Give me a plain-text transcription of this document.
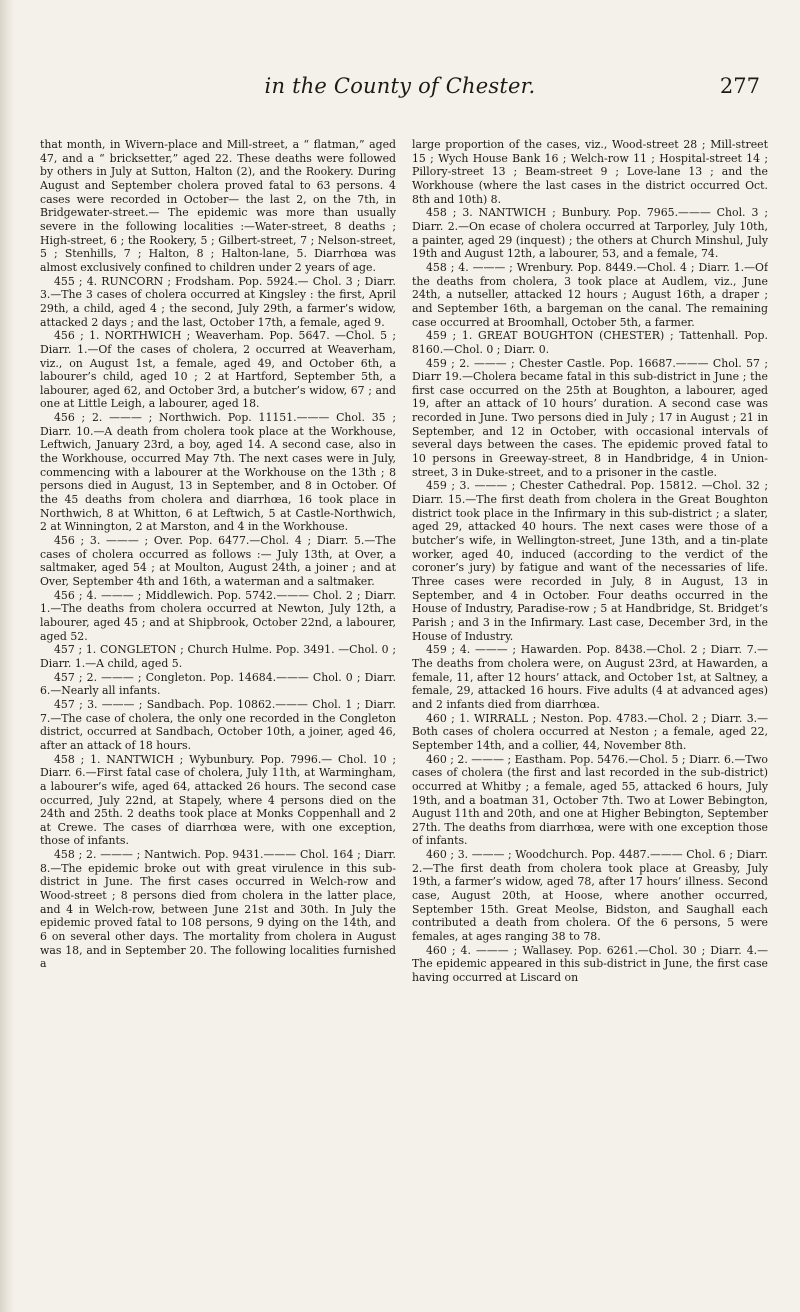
in the County of Chester.	277

that month, in Wivern-place and Mill-street, a “ flatman,” aged 47, and a “ bricksetter,” aged 22. These deaths were followed by others in July at Sutton, Halton (2), and the Rookery. During August and September cholera proved fatal to 63 persons. 4 cases were recorded in October— the last 2, on the 7th, in Bridgewater-street.— The epidemic was more than usually severe in the following localities :—Water-street, 8 deaths ; High-street, 6 ; the Rookery, 5 ; Gilbert-street, 7 ; Nelson-street, 5 ; Stenhills, 7 ; Halton, 8 ; Halton-lane, 5. Diarrhœa was almost exclusively confined to children under 2 years of age.

455 ; 4. RUNCORN ; Frodsham. Pop. 5924.— Chol. 3 ; Diarr. 3.—The 3 cases of cholera occurred at Kingsley : the first, April 29th, a child, aged 4 ; the second, July 29th, a farmer’s widow, attacked 2 days ; and the last, October 17th, a female, aged 9.

456 ; 1. NORTHWICH ; Weaverham. Pop. 5647. —Chol. 5 ; Diarr. 1.—Of the cases of cholera, 2 occurred at Weaverham, viz., on August 1st, a female, aged 49, and October 6th, a labourer’s child, aged 10 ; 2 at Hartford, September 5th, a labourer, aged 62, and October 3rd, a butcher’s widow, 67 ; and one at Little Leigh, a labourer, aged 18.

456 ; 2. ——— ; Northwich. Pop. 11151.——— Chol. 35 ; Diarr. 10.—A death from cholera took place at the Workhouse, Leftwich, January 23rd, a boy, aged 14. A second case, also in the Workhouse, occurred May 7th. The next cases were in July, commencing with a labourer at the Workhouse on the 13th ; 8 persons died in August, 13 in September, and 8 in October. Of the 45 deaths from cholera and diarrhœa, 16 took place in Northwich, 8 at Whitton, 6 at Leftwich, 5 at Castle-Northwich, 2 at Winnington, 2 at Marston, and 4 in the Workhouse.

456 ; 3. ——— ; Over. Pop. 6477.—Chol. 4 ; Diarr. 5.—The cases of cholera occurred as follows :— July 13th, at Over, a saltmaker, aged 54 ; at Moulton, August 24th, a joiner ; and at Over, September 4th and 16th, a waterman and a saltmaker.

456 ; 4. ——— ; Middlewich. Pop. 5742.——— Chol. 2 ; Diarr. 1.—The deaths from cholera occurred at Newton, July 12th, a labourer, aged 45 ; and at Shipbrook, October 22nd, a labourer, aged 52.

457 ; 1. CONGLETON ; Church Hulme. Pop. 3491. —Chol. 0 ; Diarr. 1.—A child, aged 5.

457 ; 2. ——— ; Congleton. Pop. 14684.——— Chol. 0 ; Diarr. 6.—Nearly all infants.

457 ; 3. ——— ; Sandbach. Pop. 10862.——— Chol. 1 ; Diarr. 7.—The case of cholera, the only one recorded in the Congleton district, occurred at Sandbach, October 10th, a joiner, aged 46, after an attack of 18 hours.

458 ; 1. NANTWICH ; Wybunbury. Pop. 7996.— Chol. 10 ; Diarr. 6.—First fatal case of cholera, July 11th, at Warmingham, a labourer’s wife, aged 64, attacked 26 hours. The second case occurred, July 22nd, at Stapely, where 4 persons died on the 24th and 25th. 2 deaths took place at Monks Coppenhall and 2 at Crewe. The cases of diarrhœa were, with one exception, those of infants.

458 ; 2. ——— ; Nantwich. Pop. 9431.——— Chol. 164 ; Diarr. 8.—The epidemic broke out with great virulence in this sub-district in June. The first cases occurred in Welch-row and Wood-street ; 8 persons died from cholera in the latter place, and 4 in Welch-row, between June 21st and 30th. In July the epidemic proved fatal to 108 persons, 9 dying on the 14th, and 6 on several other days. The mortality from cholera in August was 18, and in September 20. The following localities furnished a

large proportion of the cases, viz., Wood-street 28 ; Mill-street 15 ; Wych House Bank 16 ; Welch-row 11 ; Hospital-street 14 ; Pillory-street 13 ; Beam-street 9 ; Love-lane 13 ; and the Workhouse (where the last cases in the district occurred Oct. 8th and 10th) 8.

458 ; 3. NANTWICH ; Bunbury. Pop. 7965.——— Chol. 3 ; Diarr. 2.—On ecase of cholera occurred at Tarporley, July 10th, a painter, aged 29 (inquest) ; the others at Church Minshul, July 19th and August 12th, a labourer, 53, and a female, 74.

458 ; 4. ——— ; Wrenbury. Pop. 8449.—Chol. 4 ; Diarr. 1.—Of the deaths from cholera, 3 took place at Audlem, viz., June 24th, a nutseller, attacked 12 hours ; August 16th, a draper ; and September 16th, a bargeman on the canal. The remaining case occurred at Broomhall, October 5th, a farmer.

459 ; 1. GREAT BOUGHTON (CHESTER) ; Tattenhall. Pop. 8160.—Chol. 0 ; Diarr. 0.

459 ; 2. ——— ; Chester Castle. Pop. 16687.——— Chol. 57 ; Diarr 19.—Cholera became fatal in this sub-district in June ; the first case occurred on the 25th at Boughton, a labourer, aged 19, after an attack of 10 hours’ duration. A second case was recorded in June. Two persons died in July ; 17 in August ; 21 in September, and 12 in October, with occasional intervals of several days between the cases. The epidemic proved fatal to 10 persons in Greeway-street, 8 in Handbridge, 4 in Union-street, 3 in Duke-street, and to a prisoner in the castle.

459 ; 3. ——— ; Chester Cathedral. Pop. 15812. —Chol. 32 ; Diarr. 15.—The first death from cholera in the Great Boughton district took place in the Infirmary in this sub-district ; a slater, aged 29, attacked 40 hours. The next cases were those of a butcher’s wife, in Wellington-street, June 13th, and a tin-plate worker, aged 40, induced (according to the verdict of the coroner’s jury) by fatigue and want of the necessaries of life. Three cases were recorded in July, 8 in August, 13 in September, and 4 in October. Four deaths occurred in the House of Industry, Paradise-row ; 5 at Handbridge, St. Bridget’s Parish ; and 3 in the Infirmary. Last case, December 3rd, in the House of Industry.

459 ; 4. ——— ; Hawarden. Pop. 8438.—Chol. 2 ; Diarr. 7.—The deaths from cholera were, on August 23rd, at Hawarden, a female, 11, after 12 hours’ attack, and October 1st, at Saltney, a female, 29, attacked 16 hours. Five adults (4 at advanced ages) and 2 infants died from diarrhœa.

460 ; 1. WIRRALL ; Neston. Pop. 4783.—Chol. 2 ; Diarr. 3.—Both cases of cholera occurred at Neston ; a female, aged 22, September 14th, and a collier, 44, November 8th.

460 ; 2. ——— ; Eastham. Pop. 5476.—Chol. 5 ; Diarr. 6.—Two cases of cholera (the first and last recorded in the sub-district) occurred at Whitby ; a female, aged 55, attacked 6 hours, July 19th, and a boatman 31, October 7th. Two at Lower Bebington, August 11th and 20th, and one at Higher Bebington, September 27th. The deaths from diarrhœa, were with one exception those of infants.

460 ; 3. ——— ; Woodchurch. Pop. 4487.——— Chol. 6 ; Diarr. 2.—The first death from cholera took place at Greasby, July 19th, a farmer’s widow, aged 78, after 17 hours’ illness. Second case, August 20th, at Hoose, where another occurred, September 15th. Great Meolse, Bidston, and Saughall each contributed a death from cholera. Of the 6 persons, 5 were females, at ages ranging 38 to 78.

460 ; 4. ——— ; Wallasey. Pop. 6261.—Chol. 30 ; Diarr. 4.—The epidemic appeared in this sub-district in June, the first case having occurred at Liscard on
